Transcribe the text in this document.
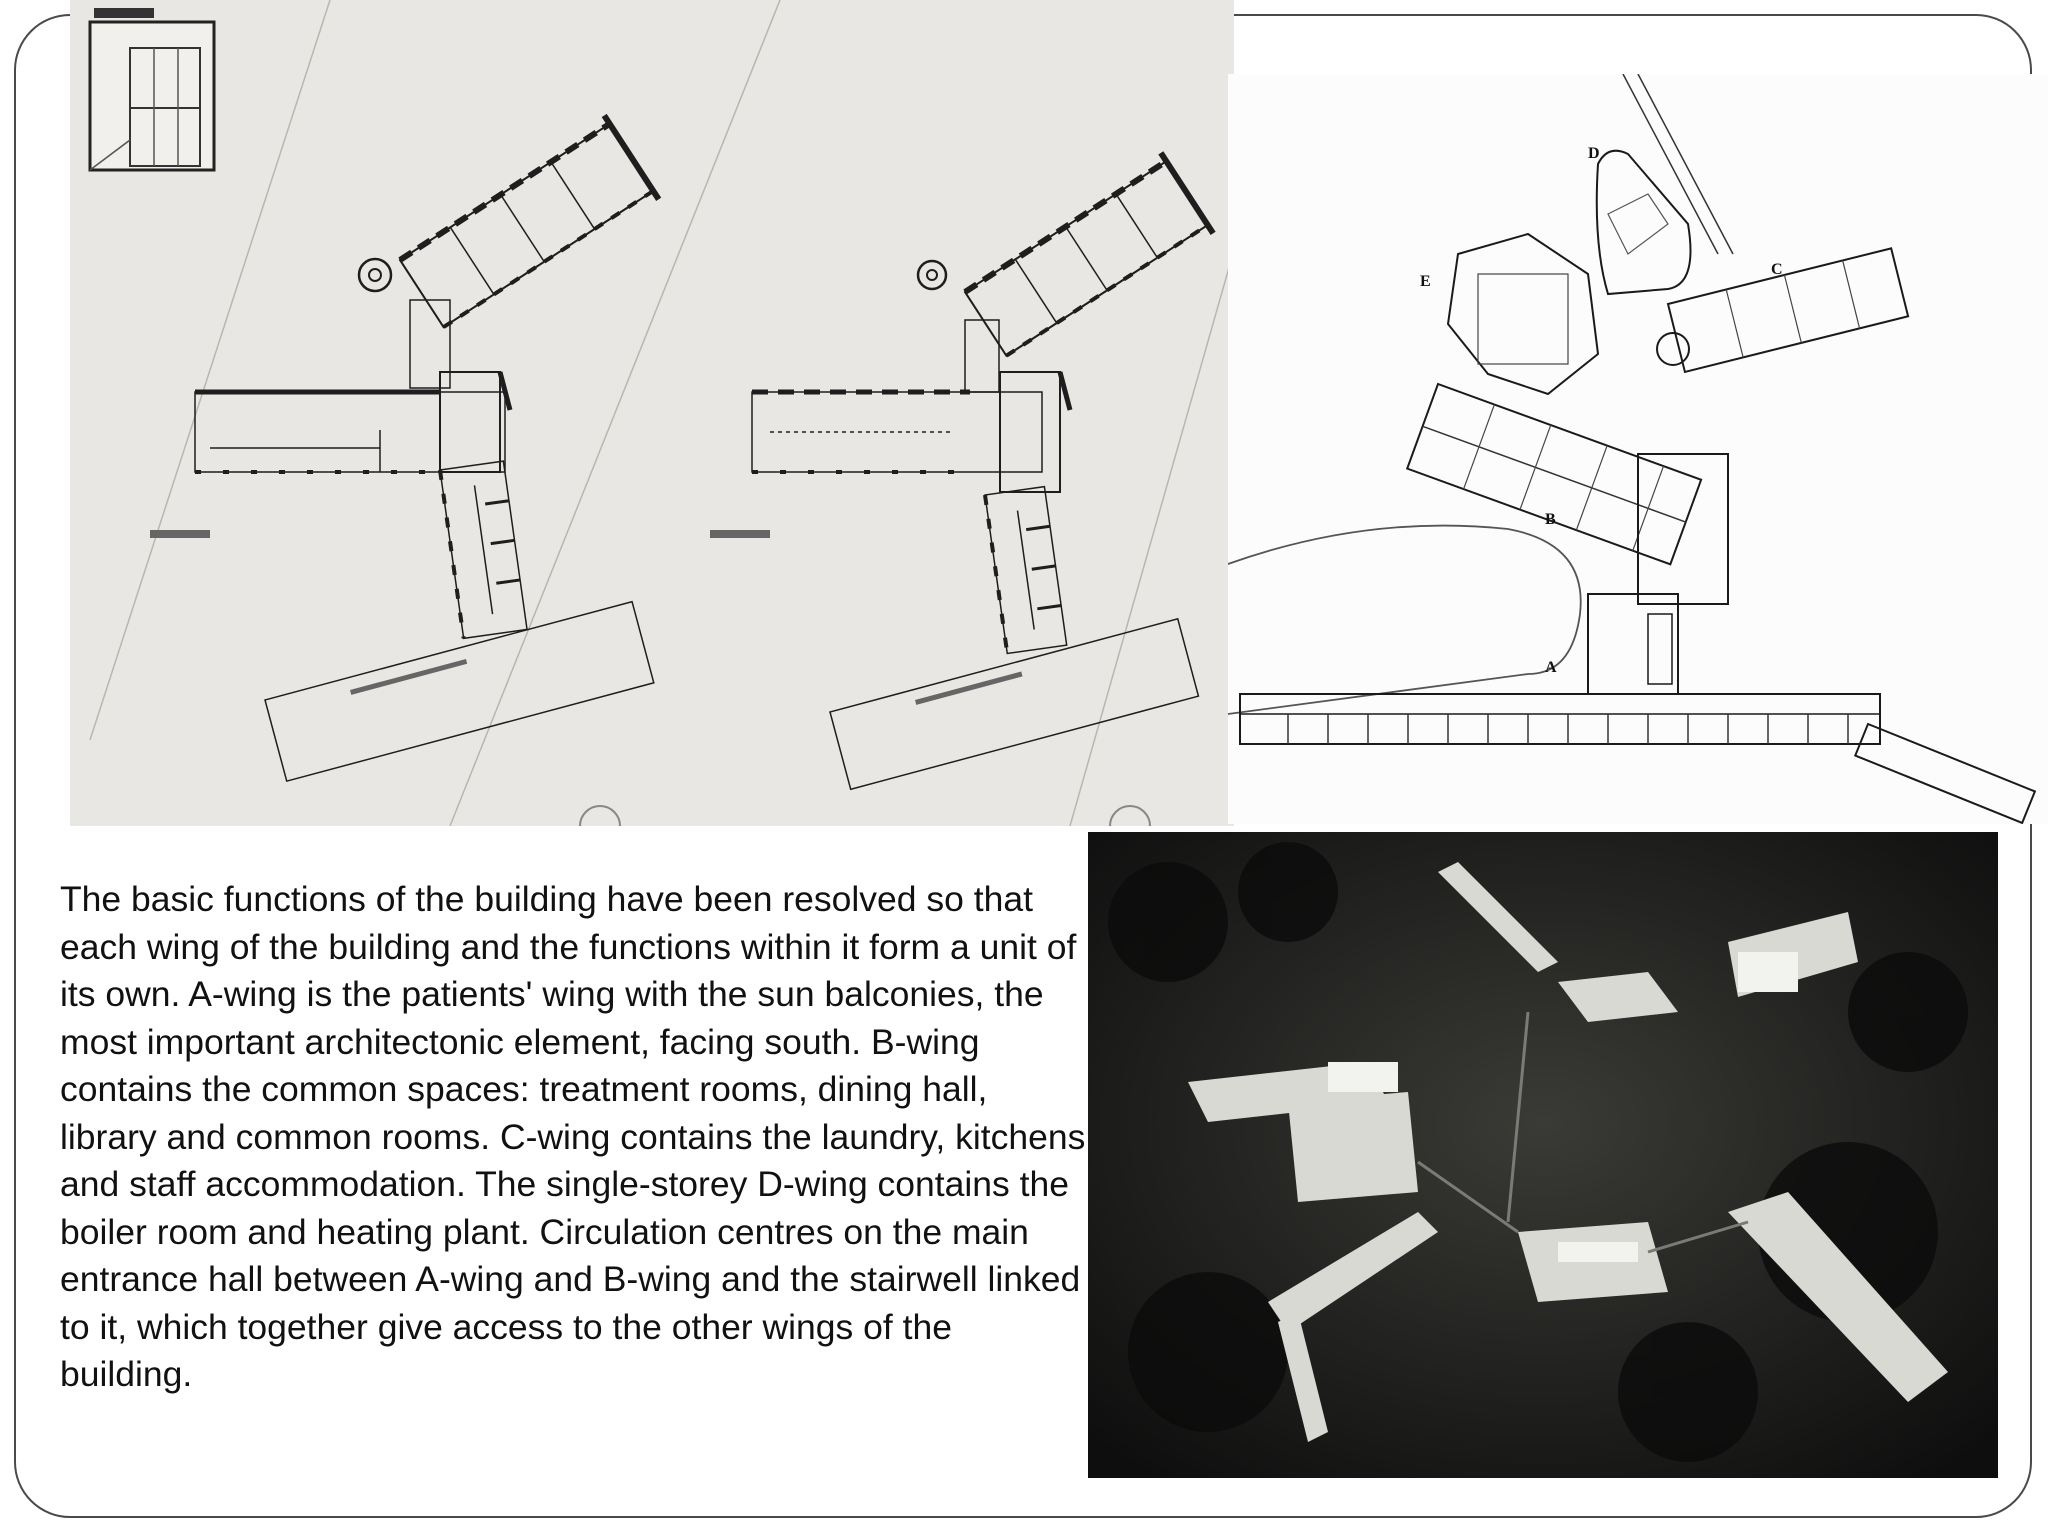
A
B
C
D
E

The basic functions of the building have been resolved so that each wing of the building and the functions within it form a unit of its own. A-wing is the patients' wing with the sun balconies, the most important architectonic element, facing south. B-wing contains the common spaces: treatment rooms, dining hall, library and common rooms. C-wing contains the laundry, kitchens and staff accommodation. The single-storey D-wing contains the boiler room and heating plant. Circulation centres on the main entrance hall between A-wing and B-wing and the stairwell linked to it, which together give access to the other wings of the building.
